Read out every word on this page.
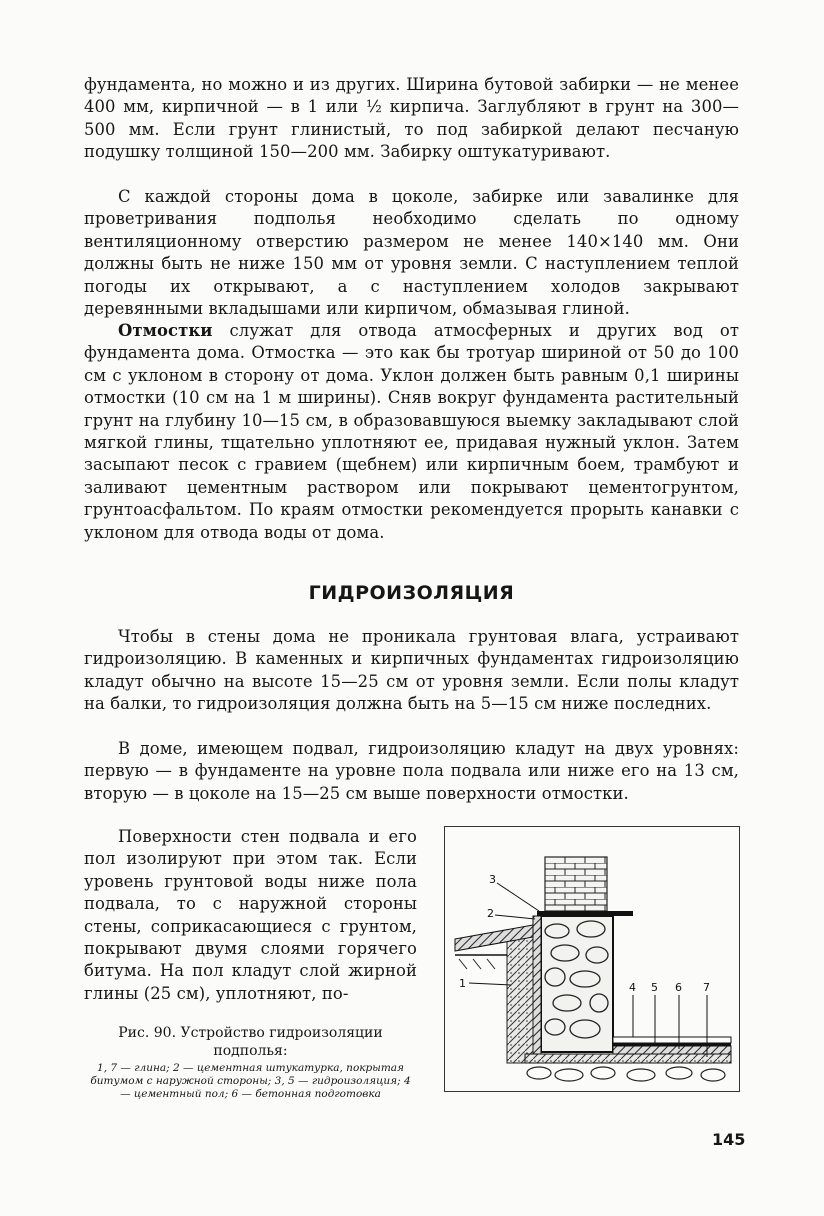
фундамента, но можно и из других. Ширина бутовой забирки — не менее 400 мм, кирпичной — в 1 или ½ кирпича. Заглубляют в грунт на 300—500 мм. Если грунт глинистый, то под забиркой делают песчаную подушку толщиной 150—200 мм. Забирку оштукатуривают.

С каждой стороны дома в цоколе, забирке или завалинке для проветривания подполья необходимо сделать по одному вентиляционному отверстию размером не менее 140×140 мм. Они должны быть не ниже 150 мм от уровня земли. С наступлением теплой погоды их открывают, а с наступлением холодов закрывают деревянными вкладышами или кирпичом, обмазывая глиной.

Отмостки служат для отвода атмосферных и других вод от фундамента дома. Отмостка — это как бы тротуар шириной от 50 до 100 см с уклоном в сторону от дома. Уклон должен быть равным 0,1 ширины отмостки (10 см на 1 м ширины). Сняв вокруг фундамента растительный грунт на глубину 10—15 см, в образовавшуюся выемку закладывают слой мягкой глины, тщательно уплотняют ее, придавая нужный уклон. Затем засыпают песок с гравием (щебнем) или кирпичным боем, трамбуют и заливают цементным раствором или покрывают цементогрунтом, грунтоасфальтом. По краям отмостки рекомендуется прорыть канавки с уклоном для отвода воды от дома.

ГИДРОИЗОЛЯЦИЯ

Чтобы в стены дома не проникала грунтовая влага, устраивают гидроизоляцию. В каменных и кирпичных фундаментах гидроизоляцию кладут обычно на высоте 15—25 см от уровня земли. Если полы кладут на балки, то гидроизоляция должна быть на 5—15 см ниже последних.

В доме, имеющем подвал, гидроизоляцию кладут на двух уровнях: первую — в фундаменте на уровне пола подвала или ниже его на 13 см, вторую — в цоколе на 15—25 см выше поверхности отмостки.

Поверхности стен подвала и его пол изолируют при этом так. Если уровень грунтовой воды ниже пола подвала, то с наружной стороны стены, соприкасающиеся с грунтом, покрывают двумя слоями горячего битума. На пол кладут слой жирной глины (25 см), уплотняют, по-

Рис. 90. Устройство гидроизоляции подполья:
1, 7 — глина; 2 — цементная штукатурка, покрытая битумом с наружной стороны; 3, 5 — гидроизоляция; 4 — цементный пол; 6 — бетонная подготовка
3
2
1	4 5 6 7
145
